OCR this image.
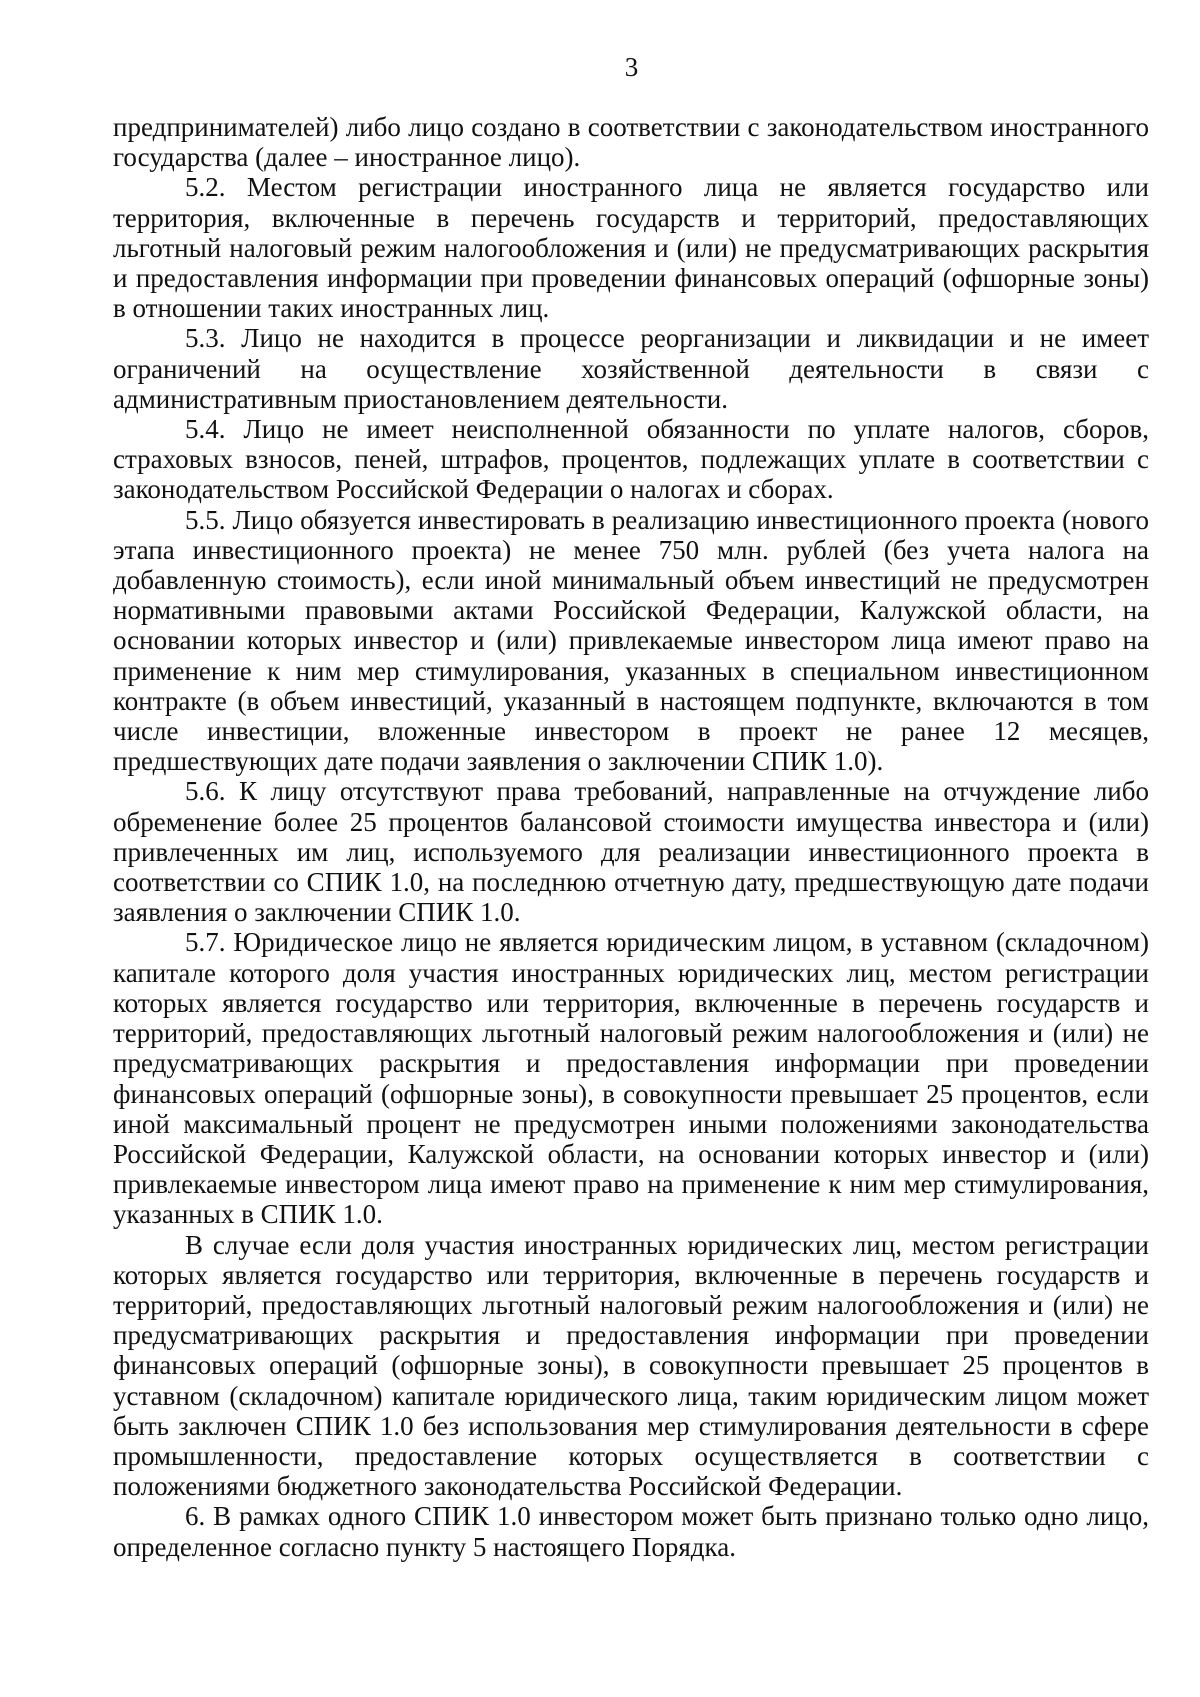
3

предпринимателей) либо лицо создано в соответствии с законодательством иностранного государства (далее – иностранное лицо).

5.2. Местом регистрации иностранного лица не является государство или территория, включенные в перечень государств и территорий, предоставляющих льготный налоговый режим налогообложения и (или) не предусматривающих раскрытия и предоставления информации при проведении финансовых операций (офшорные зоны) в отношении таких иностранных лиц.

5.3. Лицо не находится в процессе реорганизации и ликвидации и не имеет ограничений на осуществление хозяйственной деятельности в связи с административным приостановлением деятельности.

5.4. Лицо не имеет неисполненной обязанности по уплате налогов, сборов, страховых взносов, пеней, штрафов, процентов, подлежащих уплате в соответствии с законодательством Российской Федерации о налогах и сборах.

5.5. Лицо обязуется инвестировать в реализацию инвестиционного проекта (нового этапа инвестиционного проекта) не менее 750 млн. рублей (без учета налога на добавленную стоимость), если иной минимальный объем инвестиций не предусмотрен нормативными правовыми актами Российской Федерации, Калужской области, на основании которых инвестор и (или) привлекаемые инвестором лица имеют право на применение к ним мер стимулирования, указанных в специальном инвестиционном контракте (в объем инвестиций, указанный в настоящем подпункте, включаются в том числе инвестиции, вложенные инвестором в проект не ранее 12 месяцев, предшествующих дате подачи заявления о заключении СПИК 1.0).

5.6. К лицу отсутствуют права требований, направленные на отчуждение либо обременение более 25 процентов балансовой стоимости имущества инвестора и (или) привлеченных им лиц, используемого для реализации инвестиционного проекта в соответствии со СПИК 1.0, на последнюю отчетную дату, предшествующую дате подачи заявления о заключении СПИК 1.0.

5.7. Юридическое лицо не является юридическим лицом, в уставном (складочном) капитале которого доля участия иностранных юридических лиц, местом регистрации которых является государство или территория, включенные в перечень государств и территорий, предоставляющих льготный налоговый режим налогообложения и (или) не предусматривающих раскрытия и предоставления информации при проведении финансовых операций (офшорные зоны), в совокупности превышает 25 процентов, если иной максимальный процент не предусмотрен иными положениями законодательства Российской Федерации, Калужской области, на основании которых инвестор и (или) привлекаемые инвестором лица имеют право на применение к ним мер стимулирования, указанных в СПИК 1.0.

В случае если доля участия иностранных юридических лиц, местом регистрации которых является государство или территория, включенные в перечень государств и территорий, предоставляющих льготный налоговый режим налогообложения и (или) не предусматривающих раскрытия и предоставления информации при проведении финансовых операций (офшорные зоны), в совокупности превышает 25 процентов в уставном (складочном) капитале юридического лица, таким юридическим лицом может быть заключен СПИК 1.0 без использования мер стимулирования деятельности в сфере промышленности, предоставление которых осуществляется в соответствии с положениями бюджетного законодательства Российской Федерации.

6. В рамках одного СПИК 1.0 инвестором может быть признано только одно лицо, определенное согласно пункту 5 настоящего Порядка.
